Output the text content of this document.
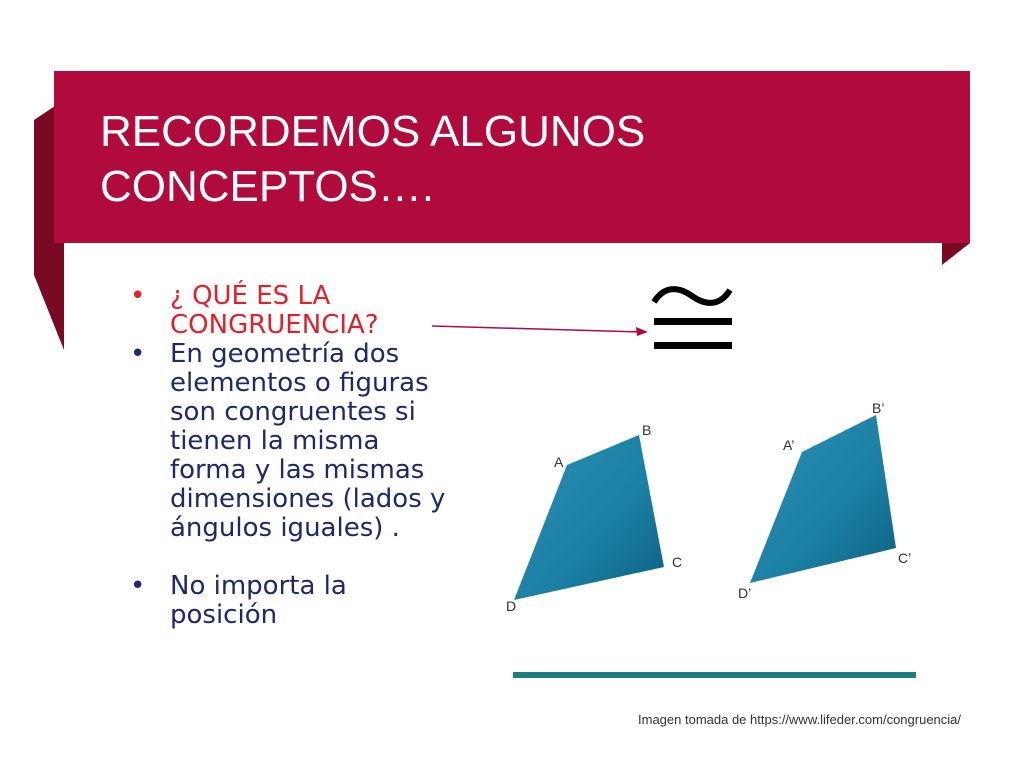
RECORDEMOS ALGUNOS CONCEPTOS….
• ¿ QUÉ ES LA CONGRUENCIA?
• En geometría dos elementos o figuras son congruentes si tienen la misma forma y las mismas dimensiones (lados y ángulos iguales) .
• No importa la posición
A
B
C
D
A’
B’
C’
D’
Imagen tomada de https://www.lifeder.com/congruencia/
